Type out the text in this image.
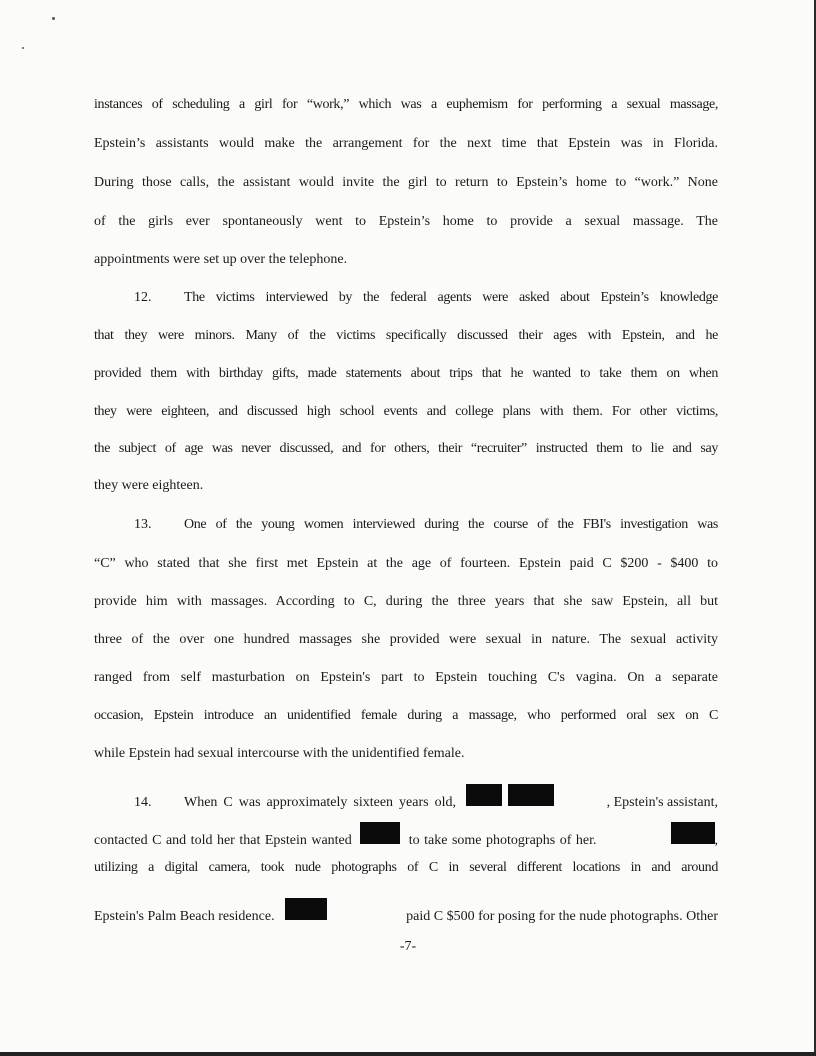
instances of scheduling a girl for “work,” which was a euphemism for performing a sexual massage,
Epstein’s assistants would make the arrangement for the next time that Epstein was in Florida.
During those calls, the assistant would invite the girl to return to Epstein’s home to “work.” None
of the girls ever spontaneously went to Epstein’s home to provide a sexual massage. The
appointments were set up over the telephone.
12.	The victims interviewed by the federal agents were asked about Epstein’s knowledge
that they were minors. Many of the victims specifically discussed their ages with Epstein, and he
provided them with birthday gifts, made statements about trips that he wanted to take them on when
they were eighteen, and discussed high school events and college plans with them. For other victims,
the subject of age was never discussed, and for others, their “recruiter” instructed them to lie and say
they were eighteen.
13.	One of the young women interviewed during the course of the FBI's investigation was
“C” who stated that she first met Epstein at the age of fourteen. Epstein paid C $200 - $400 to
provide him with massages. According to C, during the three years that she saw Epstein, all but
three of the over one hundred massages she provided were sexual in nature. The sexual activity
ranged from self masturbation on Epstein's part to Epstein touching C's vagina. On a separate
occasion, Epstein introduce an unidentified female during a massage, who performed oral sex on C
while Epstein had sexual intercourse with the unidentified female.
14.	When C was approximately sixteen years old,	, Epstein's assistant,
contacted C and told her that Epstein wanted	to take some photographs of her.	,
utilizing a digital camera, took nude photographs of C in several different locations in and around
Epstein's Palm Beach residence.	paid C $500 for posing for the nude photographs. Other
-7-
